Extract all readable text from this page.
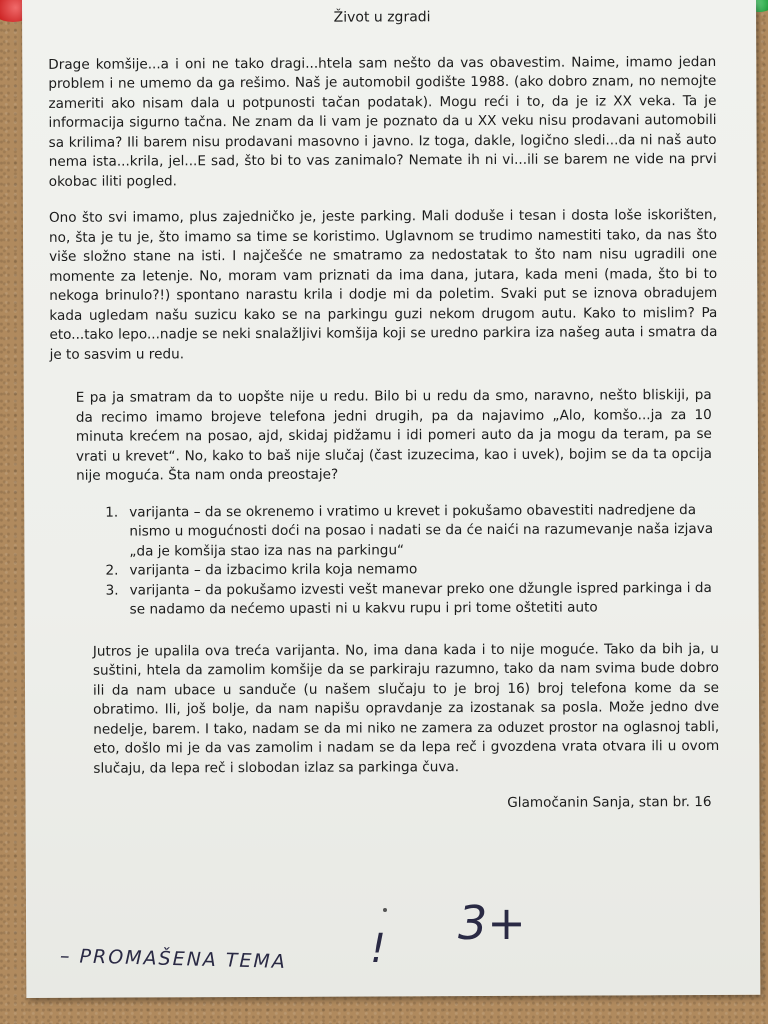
Život u zgradi
Drage komšije...a i oni ne tako dragi...htela sam nešto da vas obavestim. Naime, imamo jedan problem i ne umemo da ga rešimo. Naš je automobil godište 1988. (ako dobro znam, no nemojte zameriti ako nisam dala u potpunosti tačan podatak). Mogu reći i to, da je iz XX veka. Ta je informacija sigurno tačna. Ne znam da li vam je poznato da u XX veku nisu prodavani automobili sa krilima? Ili barem nisu prodavani masovno i javno. Iz toga, dakle, logično sledi...da ni naš auto nema ista...krila, jel...E sad, što bi to vas zanimalo? Nemate ih ni vi...ili se barem ne vide na prvi okobac iliti pogled.
Ono što svi imamo, plus zajedničko je, jeste parking. Mali doduše i tesan i dosta loše iskorišten, no, šta je tu je, što imamo sa time se koristimo. Uglavnom se trudimo namestiti tako, da nas što više složno stane na isti. I najčešće ne smatramo za nedostatak to što nam nisu ugradili one momente za letenje. No, moram vam priznati da ima dana, jutara, kada meni (mada, što bi to nekoga brinulo?!) spontano narastu krila i dodje mi da poletim. Svaki put se iznova obradujem kada ugledam našu suzicu kako se na parkingu guzi nekom drugom autu. Kako to mislim? Pa eto...tako lepo...nadje se neki snalažljivi komšija koji se uredno parkira iza našeg auta i smatra da je to sasvim u redu.
E pa ja smatram da to uopšte nije u redu. Bilo bi u redu da smo, naravno, nešto bliskiji, pa da recimo imamo brojeve telefona jedni drugih, pa da najavimo „Alo, komšo...ja za 10 minuta krećem na posao, ajd, skidaj pidžamu i idi pomeri auto da ja mogu da teram, pa se vrati u krevet“. No, kako to baš nije slučaj (čast izuzecima, kao i uvek), bojim se da ta opcija nije moguća. Šta nam onda preostaje?
1. varijanta – da se okrenemo i vratimo u krevet i pokušamo obavestiti nadredjene da nismo u mogućnosti doći na posao i nadati se da će naići na razumevanje naša izjava „da je komšija stao iza nas na parkingu“
2. varijanta – da izbacimo krila koja nemamo
3. varijanta – da pokušamo izvesti vešt manevar preko one džungle ispred parkinga i da se nadamo da nećemo upasti ni u kakvu rupu i pri tome oštetiti auto
Jutros je upalila ova treća varijanta. No, ima dana kada i to nije moguće. Tako da bih ja, u suštini, htela da zamolim komšije da se parkiraju razumno, tako da nam svima bude dobro ili da nam ubace u sanduče (u našem slučaju to je broj 16) broj telefona kome da se obratimo. Ili, još bolje, da nam napišu opravdanje za izostanak sa posla. Može jedno dve nedelje, barem. I tako, nadam se da mi niko ne zamera za oduzet prostor na oglasnoj tabli, eto, došlo mi je da vas zamolim i nadam se da lepa reč i gvozdena vrata otvara ili u ovom slučaju, da lepa reč i slobodan izlaz sa parkinga čuva.
Glamočanin Sanja, stan br. 16
3+
!
– PROMAŠENA TEMA
